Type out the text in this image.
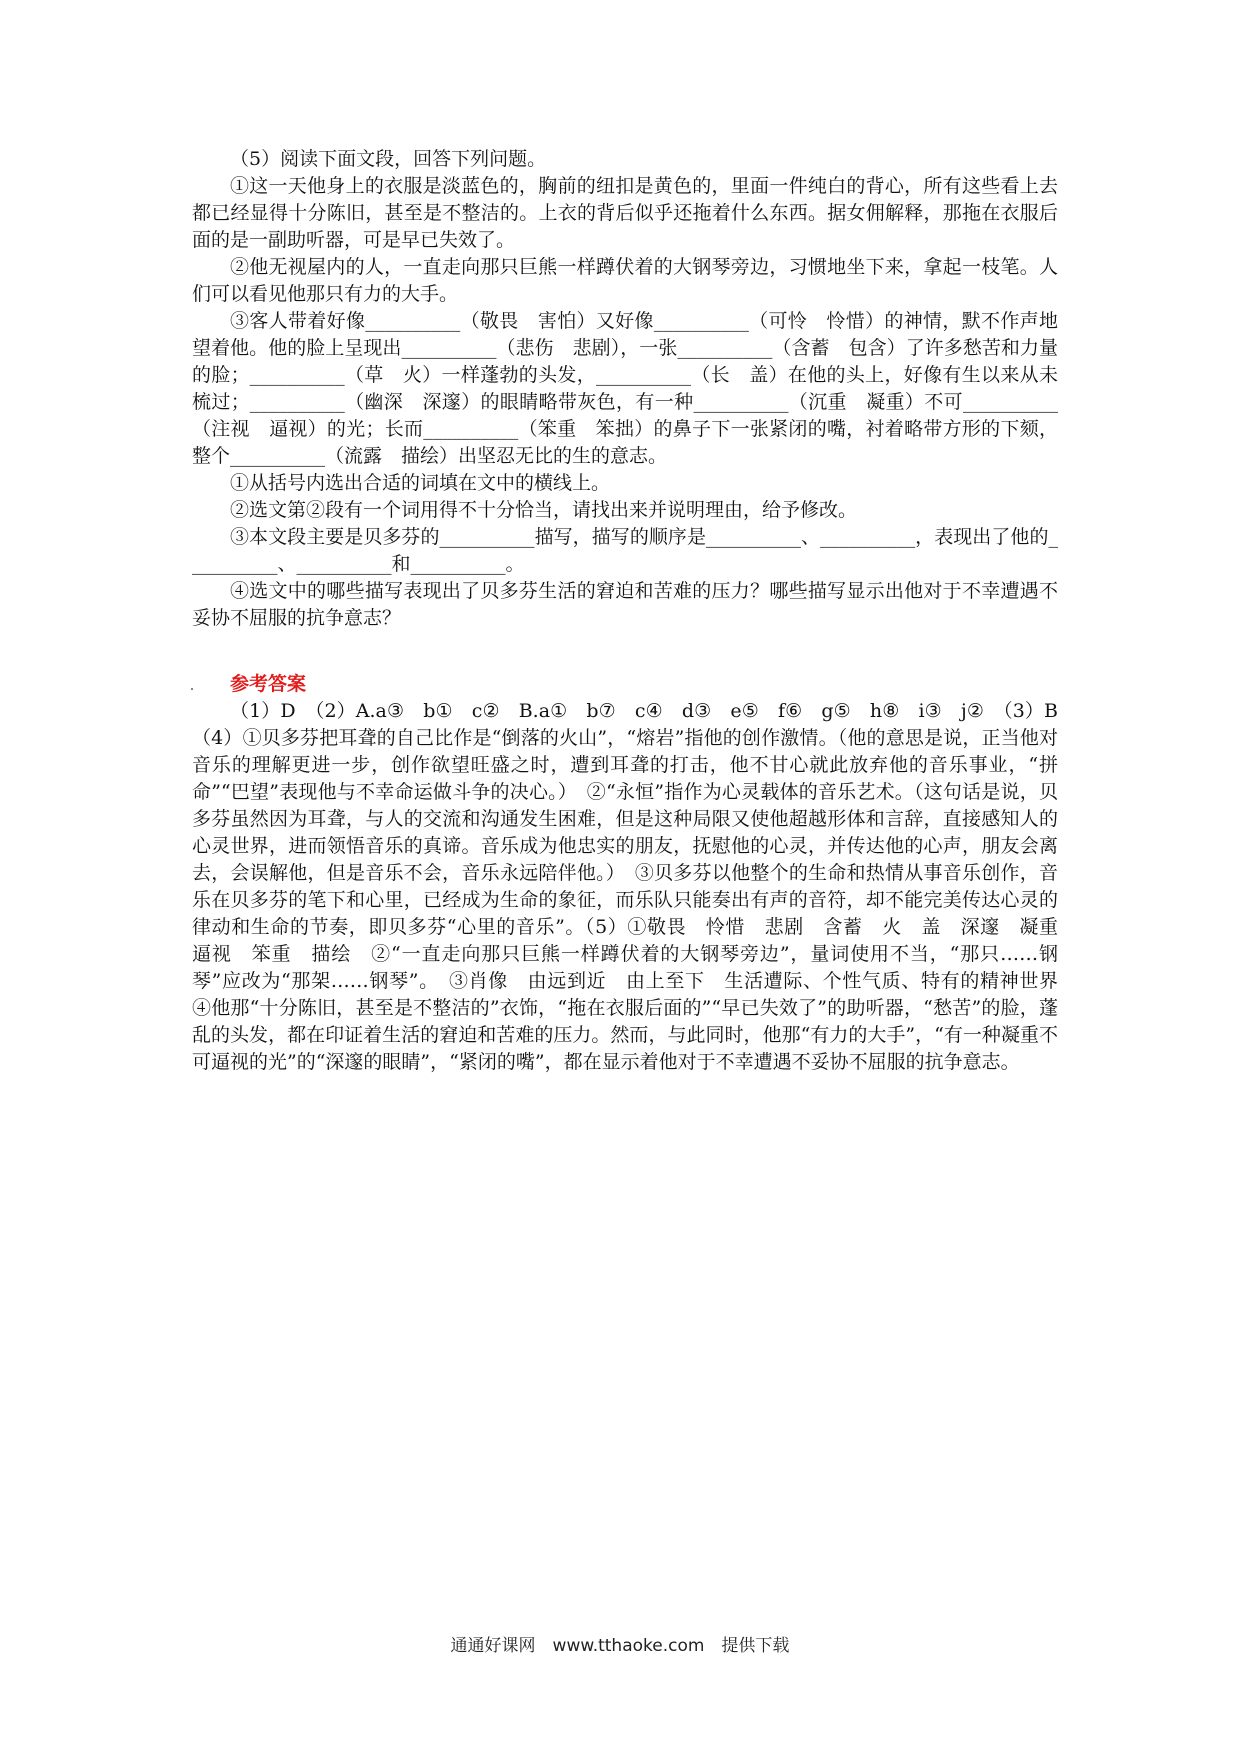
（5）阅读下面文段，回答下列问题。

①这一天他身上的衣服是淡蓝色的，胸前的纽扣是黄色的，里面一件纯白的背心，所有这些看上去都已经显得十分陈旧，甚至是不整洁的。上衣的背后似乎还拖着什么东西。据女佣解释，那拖在衣服后面的是一副助听器，可是早已失效了。

②他无视屋内的人，一直走向那只巨熊一样蹲伏着的大钢琴旁边，习惯地坐下来，拿起一枝笔。人们可以看见他那只有力的大手。

③客人带着好像__________（敬畏　害怕）又好像__________（可怜　怜惜）的神情，默不作声地望着他。他的脸上呈现出__________（悲伤　悲剧），一张__________（含蓄　包含）了许多愁苦和力量的脸；__________（草　火）一样蓬勃的头发，__________（长　盖）在他的头上，好像有生以来从未梳过；__________（幽深　深邃）的眼睛略带灰色，有一种__________（沉重　凝重）不可__________（注视　逼视）的光；长而__________（笨重　笨拙）的鼻子下一张紧闭的嘴，衬着略带方形的下颏，整个__________（流露　描绘）出坚忍无比的生的意志。

①从括号内选出合适的词填在文中的横线上。

②选文第②段有一个词用得不十分恰当，请找出来并说明理由，给予修改。

③本文段主要是贝多芬的__________描写，描写的顺序是__________、__________，表现出了他的__________、__________和__________。

④选文中的哪些描写表现出了贝多芬生活的窘迫和苦难的压力？哪些描写显示出他对于不幸遭遇不妥协不屈服的抗争意志？

参考答案

（1）D　（2）A.a③　b①　c②　B.a①　b⑦　c④　d③　e⑤　f⑥　g⑤　h⑧　i③　j②　（3）B　（4）①贝多芬把耳聋的自己比作是“倒落的火山”，“熔岩”指他的创作激情。（他的意思是说，正当他对音乐的理解更进一步，创作欲望旺盛之时，遭到耳聋的打击，他不甘心就此放弃他的音乐事业，“拼命”“巴望”表现他与不幸命运做斗争的决心。）　②“永恒”指作为心灵载体的音乐艺术。（这句话是说，贝多芬虽然因为耳聋，与人的交流和沟通发生困难，但是这种局限又使他超越形体和言辞，直接感知人的心灵世界，进而领悟音乐的真谛。音乐成为他忠实的朋友，抚慰他的心灵，并传达他的心声，朋友会离去，会误解他，但是音乐不会，音乐永远陪伴他。）　③贝多芬以他整个的生命和热情从事音乐创作，音乐在贝多芬的笔下和心里，已经成为生命的象征，而乐队只能奏出有声的音符，却不能完美传达心灵的律动和生命的节奏，即贝多芬“心里的音乐”。（5）①敬畏　怜惜　悲剧　含蓄　火　盖　深邃　凝重　逼视　笨重　描绘　②“一直走向那只巨熊一样蹲伏着的大钢琴旁边”，量词使用不当，“那只……钢琴”应改为“那架……钢琴”。　③肖像　由远到近　由上至下　生活遭际、个性气质、特有的精神世界　④他那“十分陈旧，甚至是不整洁的”衣饰，“拖在衣服后面的”“早已失效了”的助听器，“愁苦”的脸，蓬乱的头发，都在印证着生活的窘迫和苦难的压力。然而，与此同时，他那“有力的大手”，“有一种凝重不可逼视的光”的“深邃的眼睛”，“紧闭的嘴”，都在显示着他对于不幸遭遇不妥协不屈服的抗争意志。

通通好课网　www.tthaoke.com　提供下载
